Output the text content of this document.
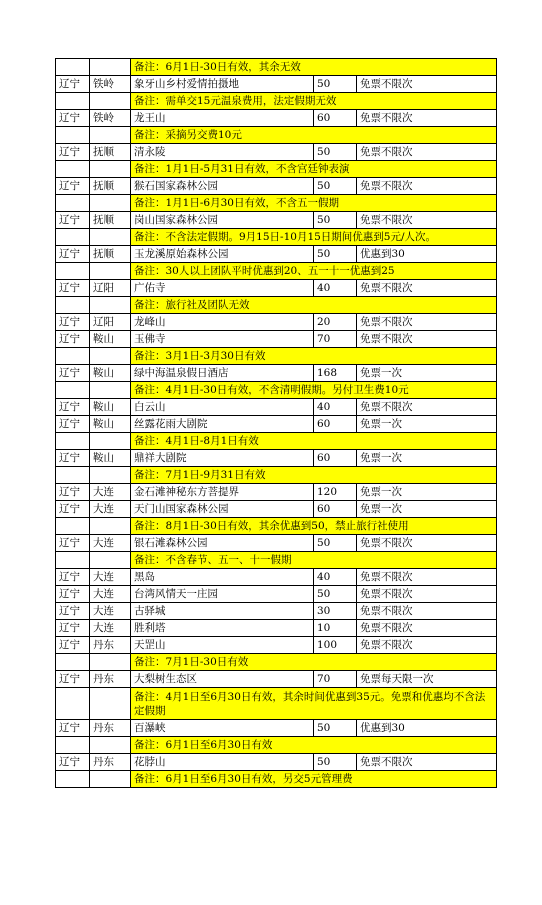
		备注：6月1日-30日有效，其余无效		
辽宁	铁岭	象牙山乡村爱情拍摄地	50	免票不限次
		备注：需单交15元温泉费用，法定假期无效		
辽宁	铁岭	龙王山	60	免票不限次
		备注：采摘另交费10元		
辽宁	抚顺	清永陵	50	免票不限次
		备注：1月1日-5月31日有效，不含宫廷钟表演		
辽宁	抚顺	猴石国家森林公园	50	免票不限次
		备注：1月1日-6月30日有效，不含五一假期		
辽宁	抚顺	岗山国家森林公园	50	免票不限次
		备注：不含法定假期。9月15日-10月15日期间优惠到5元/人次。		
辽宁	抚顺	玉龙溪原始森林公园	50	优惠到30
		备注：30人以上团队平时优惠到20、五一十一优惠到25		
辽宁	辽阳	广佑寺	40	免票不限次
		备注：旅行社及团队无效		
辽宁	辽阳	龙峰山	20	免票不限次
辽宁	鞍山	玉佛寺	70	免票不限次
		备注：3月1日-3月30日有效		
辽宁	鞍山	绿中海温泉假日酒店	168	免票一次
		备注：4月1日-30日有效，不含清明假期。另付卫生费10元		
辽宁	鞍山	白云山	40	免票不限次
辽宁	鞍山	丝露花雨大剧院	60	免票一次
		备注：4月1日-8月1日有效		
辽宁	鞍山	鼎祥大剧院	60	免票一次
		备注：7月1日-9月31日有效		
辽宁	大连	金石滩神秘东方菩提界	120	免票一次
辽宁	大连	天门山国家森林公园	60	免票一次
		备注：8月1日-30日有效，其余优惠到50，禁止旅行社使用		
辽宁	大连	银石滩森林公园	50	免票不限次
		备注：不含春节、五一、十一假期		
辽宁	大连	黑岛	40	免票不限次
辽宁	大连	台湾风情天一庄园	50	免票不限次
辽宁	大连	古驿城	30	免票不限次
辽宁	大连	胜利塔	10	免票不限次
辽宁	丹东	天罡山	100	免票不限次
		备注：7月1日-30日有效		
辽宁	丹东	大梨树生态区	70	免票每天限一次
		备注：4月1日至6月30日有效，其余时间优惠到35元。免票和优惠均不含法定假期		
辽宁	丹东	百瀑峡	50	优惠到30
		备注：6月1日至6月30日有效		
辽宁	丹东	花脖山	50	免票不限次
		备注：6月1日至6月30日有效，另交5元管理费		
